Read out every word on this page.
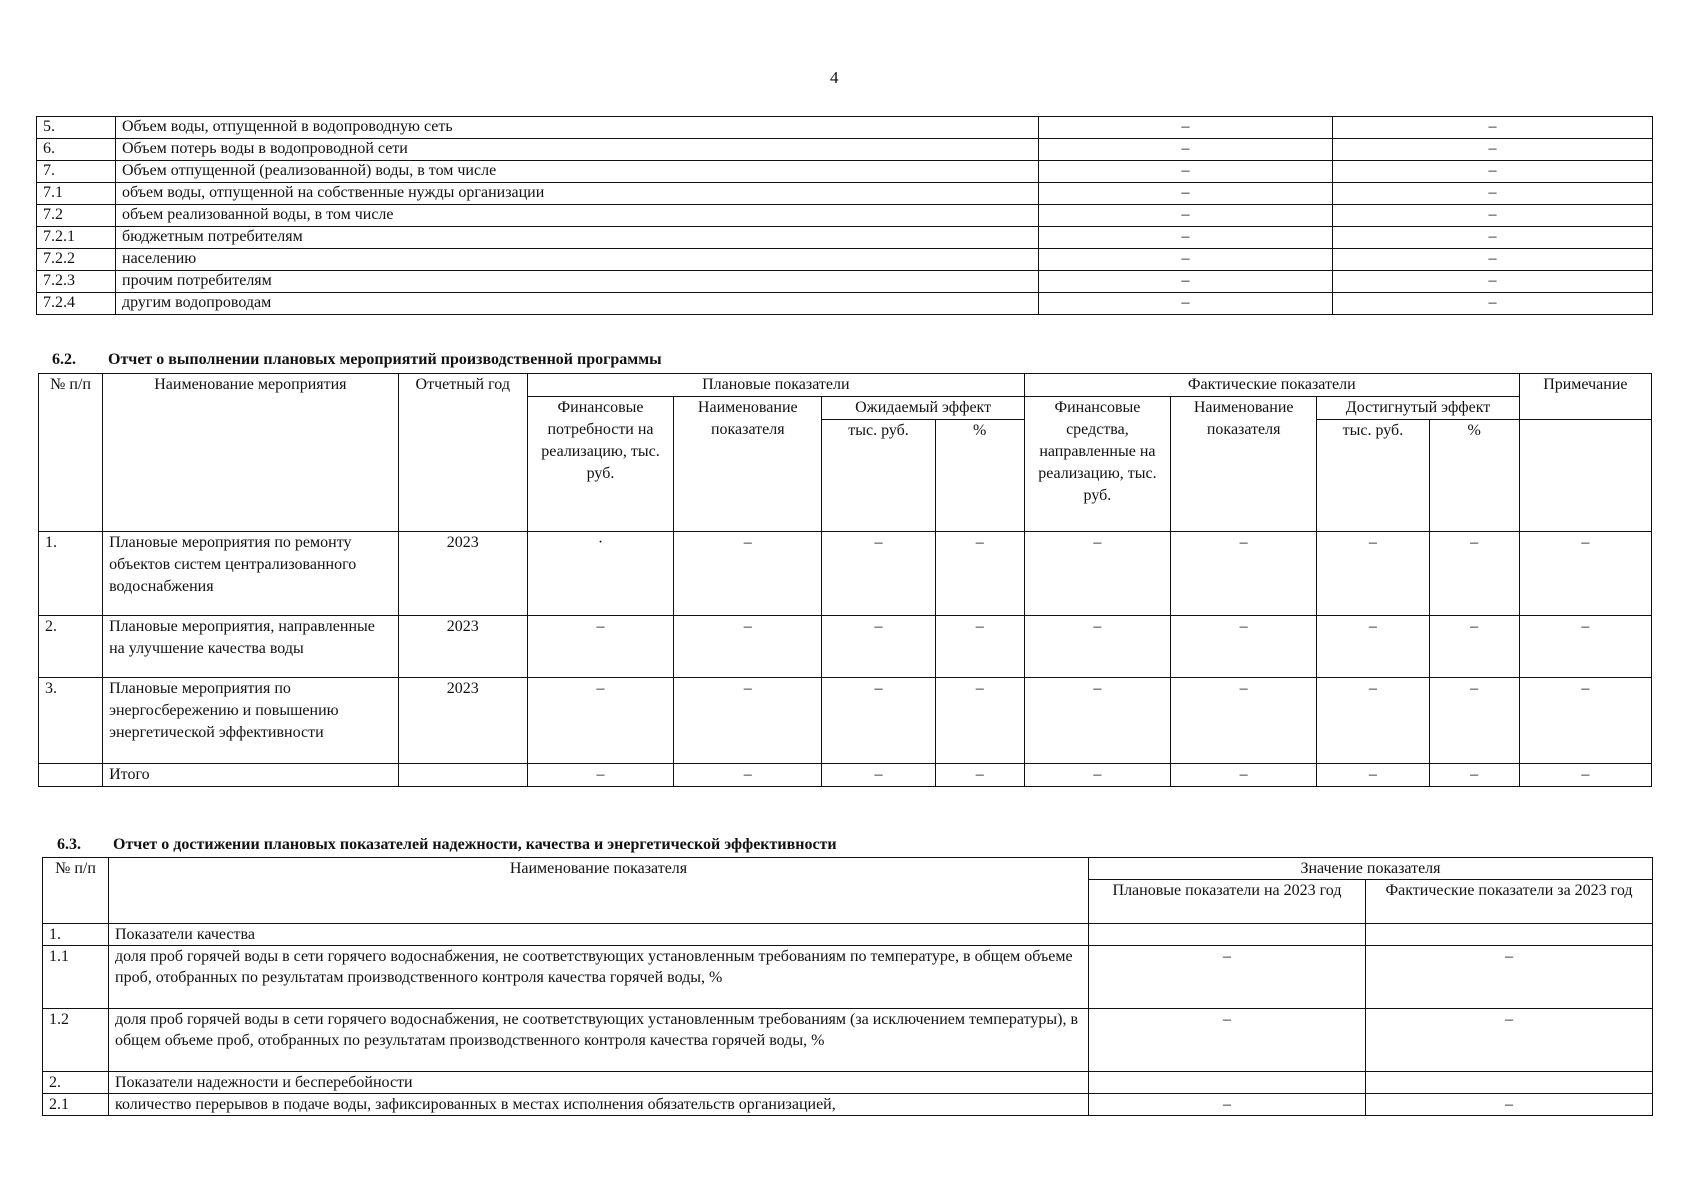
4
5.	Объем воды, отпущенной в водопроводную сеть	–	–
6.	Объем потерь воды в водопроводной сети	–	–
7.	Объем отпущенной (реализованной) воды, в том числе	–	–
7.1	объем воды, отпущенной на собственные нужды организации	–	–
7.2	объем реализованной воды, в том числе	–	–
7.2.1	бюджетным потребителям	–	–
7.2.2	населению	–	–
7.2.3	прочим потребителям	–	–
7.2.4	другим водопроводам	–	–
6.2. Отчет о выполнении плановых мероприятий производственной программы
№ п/п	Наименование мероприятия	Отчетный год	Плановые показатели				Фактические показатели				Примечание
			Финансовые потребности на реализацию, тыс. руб.	Наименование показателя	Ожидаемый эффект		Финансовые средства, направленные на реализацию, тыс. руб.	Наименование показателя	Достигнутый эффект		
					тыс. руб.	%			тыс. руб.	%	
1.	Плановые мероприятия по ремонту объектов систем централизованного водоснабжения	2023	·	–	–	–	–	–	–	–	–
2.	Плановые мероприятия, направленные на улучшение качества воды	2023	–	–	–	–	–	–	–	–	–
3.	Плановые мероприятия по энергосбережению и повышению энергетической эффективности	2023	–	–	–	–	–	–	–	–	–
	Итого		–	–	–	–	–	–	–	–	–
6.3. Отчет о достижении плановых показателей надежности, качества и энергетической эффективности
№ п/п	Наименование показателя	Значение показателя	
		Плановые показатели на 2023 год	Фактические показатели за 2023 год
1.	Показатели качества		
1.1	доля проб горячей воды в сети горячего водоснабжения, не соответствующих установленным требованиям по температуре, в общем объеме проб, отобранных по результатам производственного контроля качества горячей воды, %	–	–
1.2	доля проб горячей воды в сети горячего водоснабжения, не соответствующих установленным требованиям (за исключением температуры), в общем объеме проб, отобранных по результатам производственного контроля качества горячей воды, %	–	–
2.	Показатели надежности и бесперебойности		
2.1	количество перерывов в подаче воды, зафиксированных в местах исполнения обязательств организацией,	–	–
